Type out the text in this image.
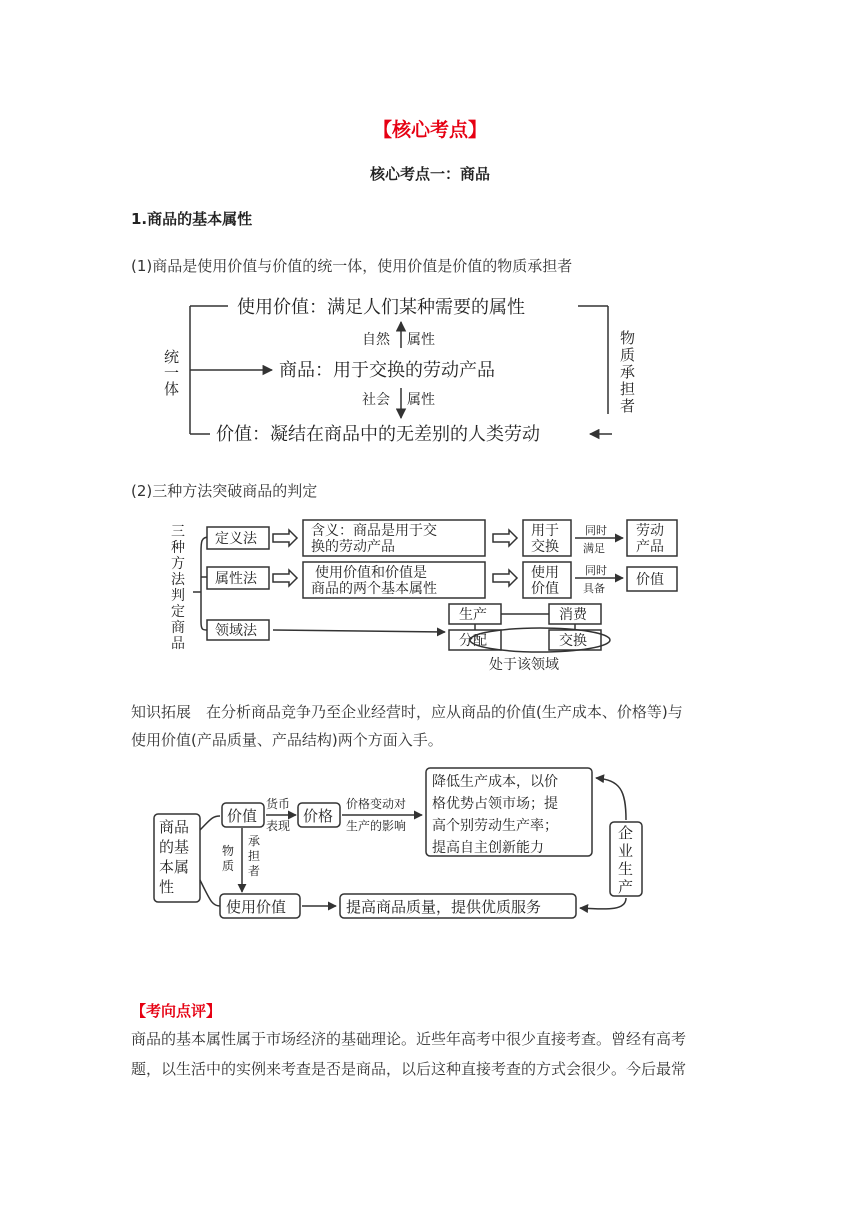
【核心考点】
核心考点一：商品
1.商品的基本属性
(1)商品是使用价值与价值的统一体，使用价值是价值的物质承担者
使用价值：满足人们某种需要的属性
商品：用于交换的劳动产品
价值：凝结在商品中的无差别的人类劳动
自然 属性
社会 属性
统
一
体
物
质
承
担
者
(2)三种方法突破商品的判定
三
种
方
法
判
定
商
品
定义法
属性法
领域法
含义：商品是用于交
换的劳动产品
使用价值和价值是
商品的两个基本属性
用于
交换
使用
价值
同时
满足
同时
具备
劳动
产品
价值
生产	消费
分配	交换
处于该领域
知识拓展　在分析商品竞争乃至企业经营时，应从商品的价值(生产成本、价格等)与
使用价值(产品质量、产品结构)两个方面入手。
商品
的基
本属
性
价值
货币
表现
价格
价格变动对
生产的影响
降低生产成本，以价
格优势占领市场；提
高个别劳动生产率；
提高自主创新能力
物
质
承
担
者
使用价值	提高商品质量，提供优质服务
企
业
生
产
【考向点评】
商品的基本属性属于市场经济的基础理论。近些年高考中很少直接考查。曾经有高考
题，以生活中的实例来考查是否是商品，以后这种直接考查的方式会很少。今后最常
